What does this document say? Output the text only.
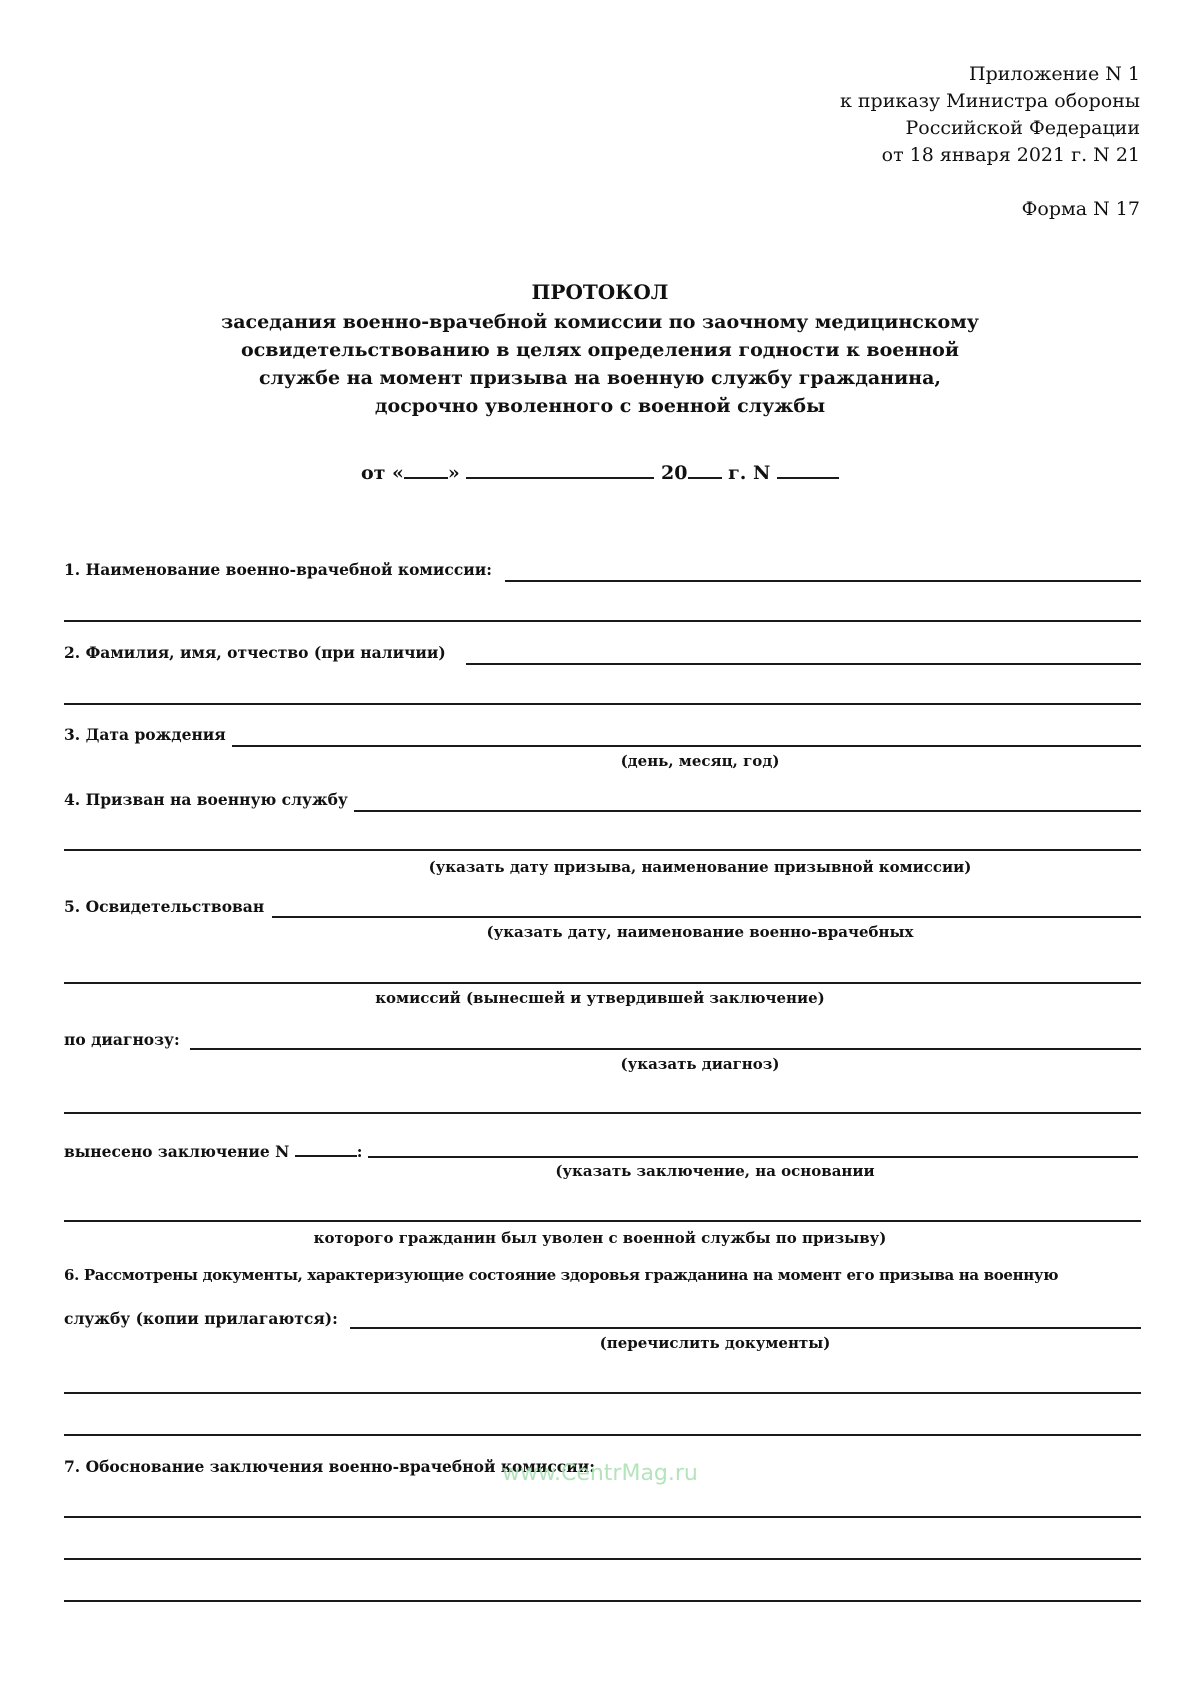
Приложение N 1
к приказу Министра обороны
Российской Федерации
от 18 января 2021 г. N 21
Форма N 17
ПРОТОКОЛ
заседания военно-врачебной комиссии по заочному медицинскому
освидетельствованию в целях определения годности к военной
службе на момент призыва на военную службу гражданина,
досрочно уволенного с военной службы
от « »	20 г. N
1. Наименование военно-врачебной комиссии:
2. Фамилия, имя, отчество (при наличии)
3. Дата рождения
(день, месяц, год)
4. Призван на военную службу
(указать дату призыва, наименование призывной комиссии)
5. Освидетельствован
(указать дату, наименование военно-врачебных
комиссий (вынесшей и утвердившей заключение)
по диагнозу:
(указать диагноз)
вынесено заключение N	:
(указать заключение, на основании
которого гражданин был уволен с военной службы по призыву)
6. Рассмотрены документы, характеризующие состояние здоровья гражданина на момент его призыва на военную
службу (копии прилагаются):
(перечислить документы)
7. Обоснование заключения военно-врачебной комиссии:
www.CentrMag.ru
